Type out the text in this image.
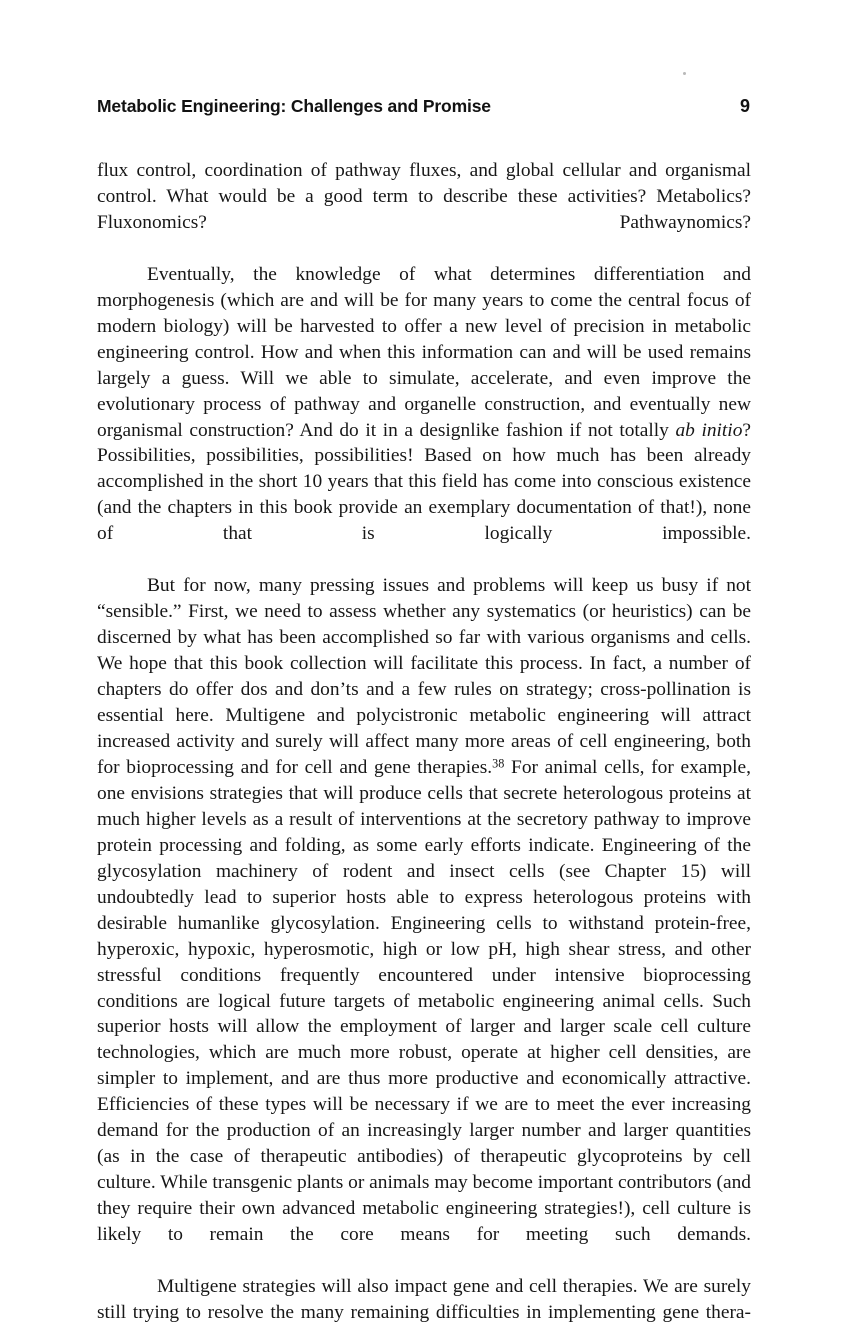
Metabolic Engineering: Challenges and Promise	9

flux control, coordination of pathway fluxes, and global cellular and organismal control. What would be a good term to describe these activities? Metabolics? Fluxonomics? Pathwaynomics?

Eventually, the knowledge of what determines differentiation and morphogenesis (which are and will be for many years to come the central focus of modern biology) will be harvested to offer a new level of precision in metabolic engineering control. How and when this information can and will be used remains largely a guess. Will we able to simulate, accelerate, and even improve the evolutionary process of pathway and organelle construction, and eventually new organismal construction? And do it in a designlike fashion if not totally ab initio? Possibilities, possibilities, possibilities! Based on how much has been already accomplished in the short 10 years that this field has come into conscious existence (and the chapters in this book provide an exemplary documentation of that!), none of that is logically impossible.

But for now, many pressing issues and problems will keep us busy if not “sensible.” First, we need to assess whether any systematics (or heuristics) can be discerned by what has been accomplished so far with various organisms and cells. We hope that this book collection will facilitate this process. In fact, a number of chapters do offer dos and don’ts and a few rules on strategy; cross-pollination is essential here. Multigene and polycistronic metabolic engineering will attract increased activity and surely will affect many more areas of cell engineering, both for bioprocessing and for cell and gene therapies.$^{38}$ For animal cells, for example, one envisions strategies that will produce cells that secrete heterologous proteins at much higher levels as a result of interventions at the secretory pathway to improve protein processing and folding, as some early efforts indicate. Engineering of the glycosylation machinery of rodent and insect cells (see Chapter 15) will undoubtedly lead to superior hosts able to express heterologous proteins with desirable humanlike glycosylation. Engineering cells to withstand protein-free, hyperoxic, hypoxic, hyperosmotic, high or low pH, high shear stress, and other stressful conditions frequently encountered under intensive bioprocessing conditions are logical future targets of metabolic engineering animal cells. Such superior hosts will allow the employment of larger and larger scale cell culture technologies, which are much more robust, operate at higher cell densities, are simpler to implement, and are thus more productive and economically attractive. Efficiencies of these types will be necessary if we are to meet the ever increasing demand for the production of an increasingly larger number and larger quantities (as in the case of therapeutic antibodies) of therapeutic glycoproteins by cell culture. While transgenic plants or animals may become important contributors (and they require their own advanced metabolic engineering strategies!), cell culture is likely to remain the core means for meeting such demands.

Multigene strategies will also impact gene and cell therapies. We are surely still trying to resolve the many remaining difficulties in implementing gene thera-
